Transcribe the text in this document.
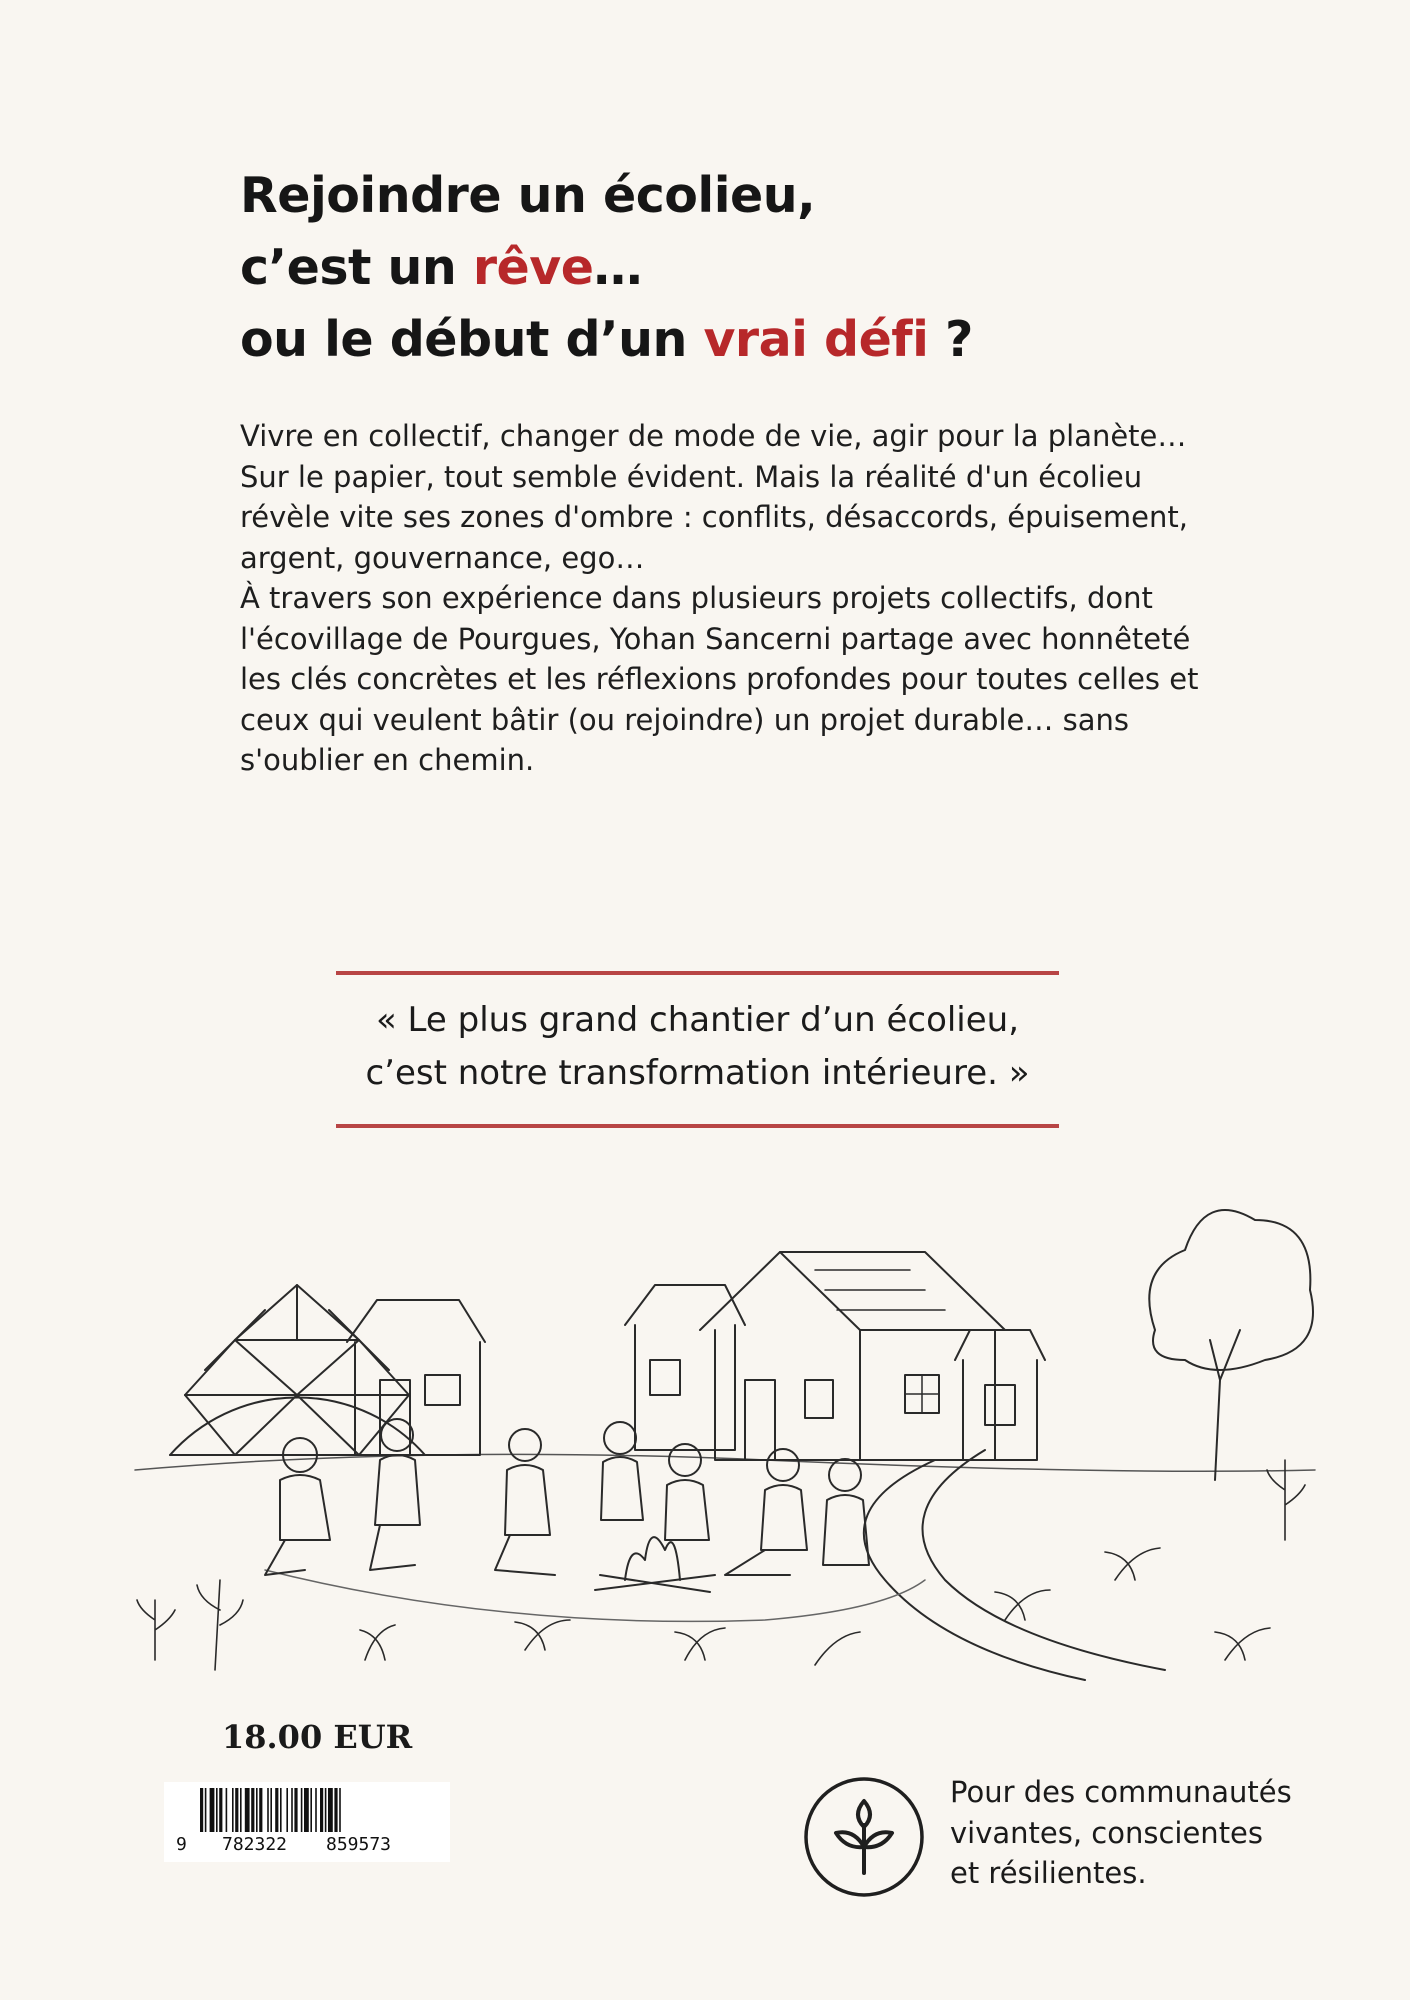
Rejoindre un écolieu,
c’est un rêve…
ou le début d’un vrai défi ?

Vivre en collectif, changer de mode de vie, agir pour la planète…

Sur le papier, tout semble évident. Mais la réalité d'un écolieu révèle vite ses zones d'ombre : conflits, désaccords, épuisement, argent, gouvernance, ego…

À travers son expérience dans plusieurs projets collectifs, dont l'écovillage de Pourgues, Yohan Sancerni partage avec honnêteté les clés concrètes et les réflexions profondes pour toutes celles et ceux qui veulent bâtir (ou rejoindre) un projet durable… sans s'oublier en chemin.

« Le plus grand chantier d’un écolieu,
c’est notre transformation intérieure. »
18.00 EUR
9 782322 859573
Pour des communautés
vivantes, conscientes
et résilientes.
